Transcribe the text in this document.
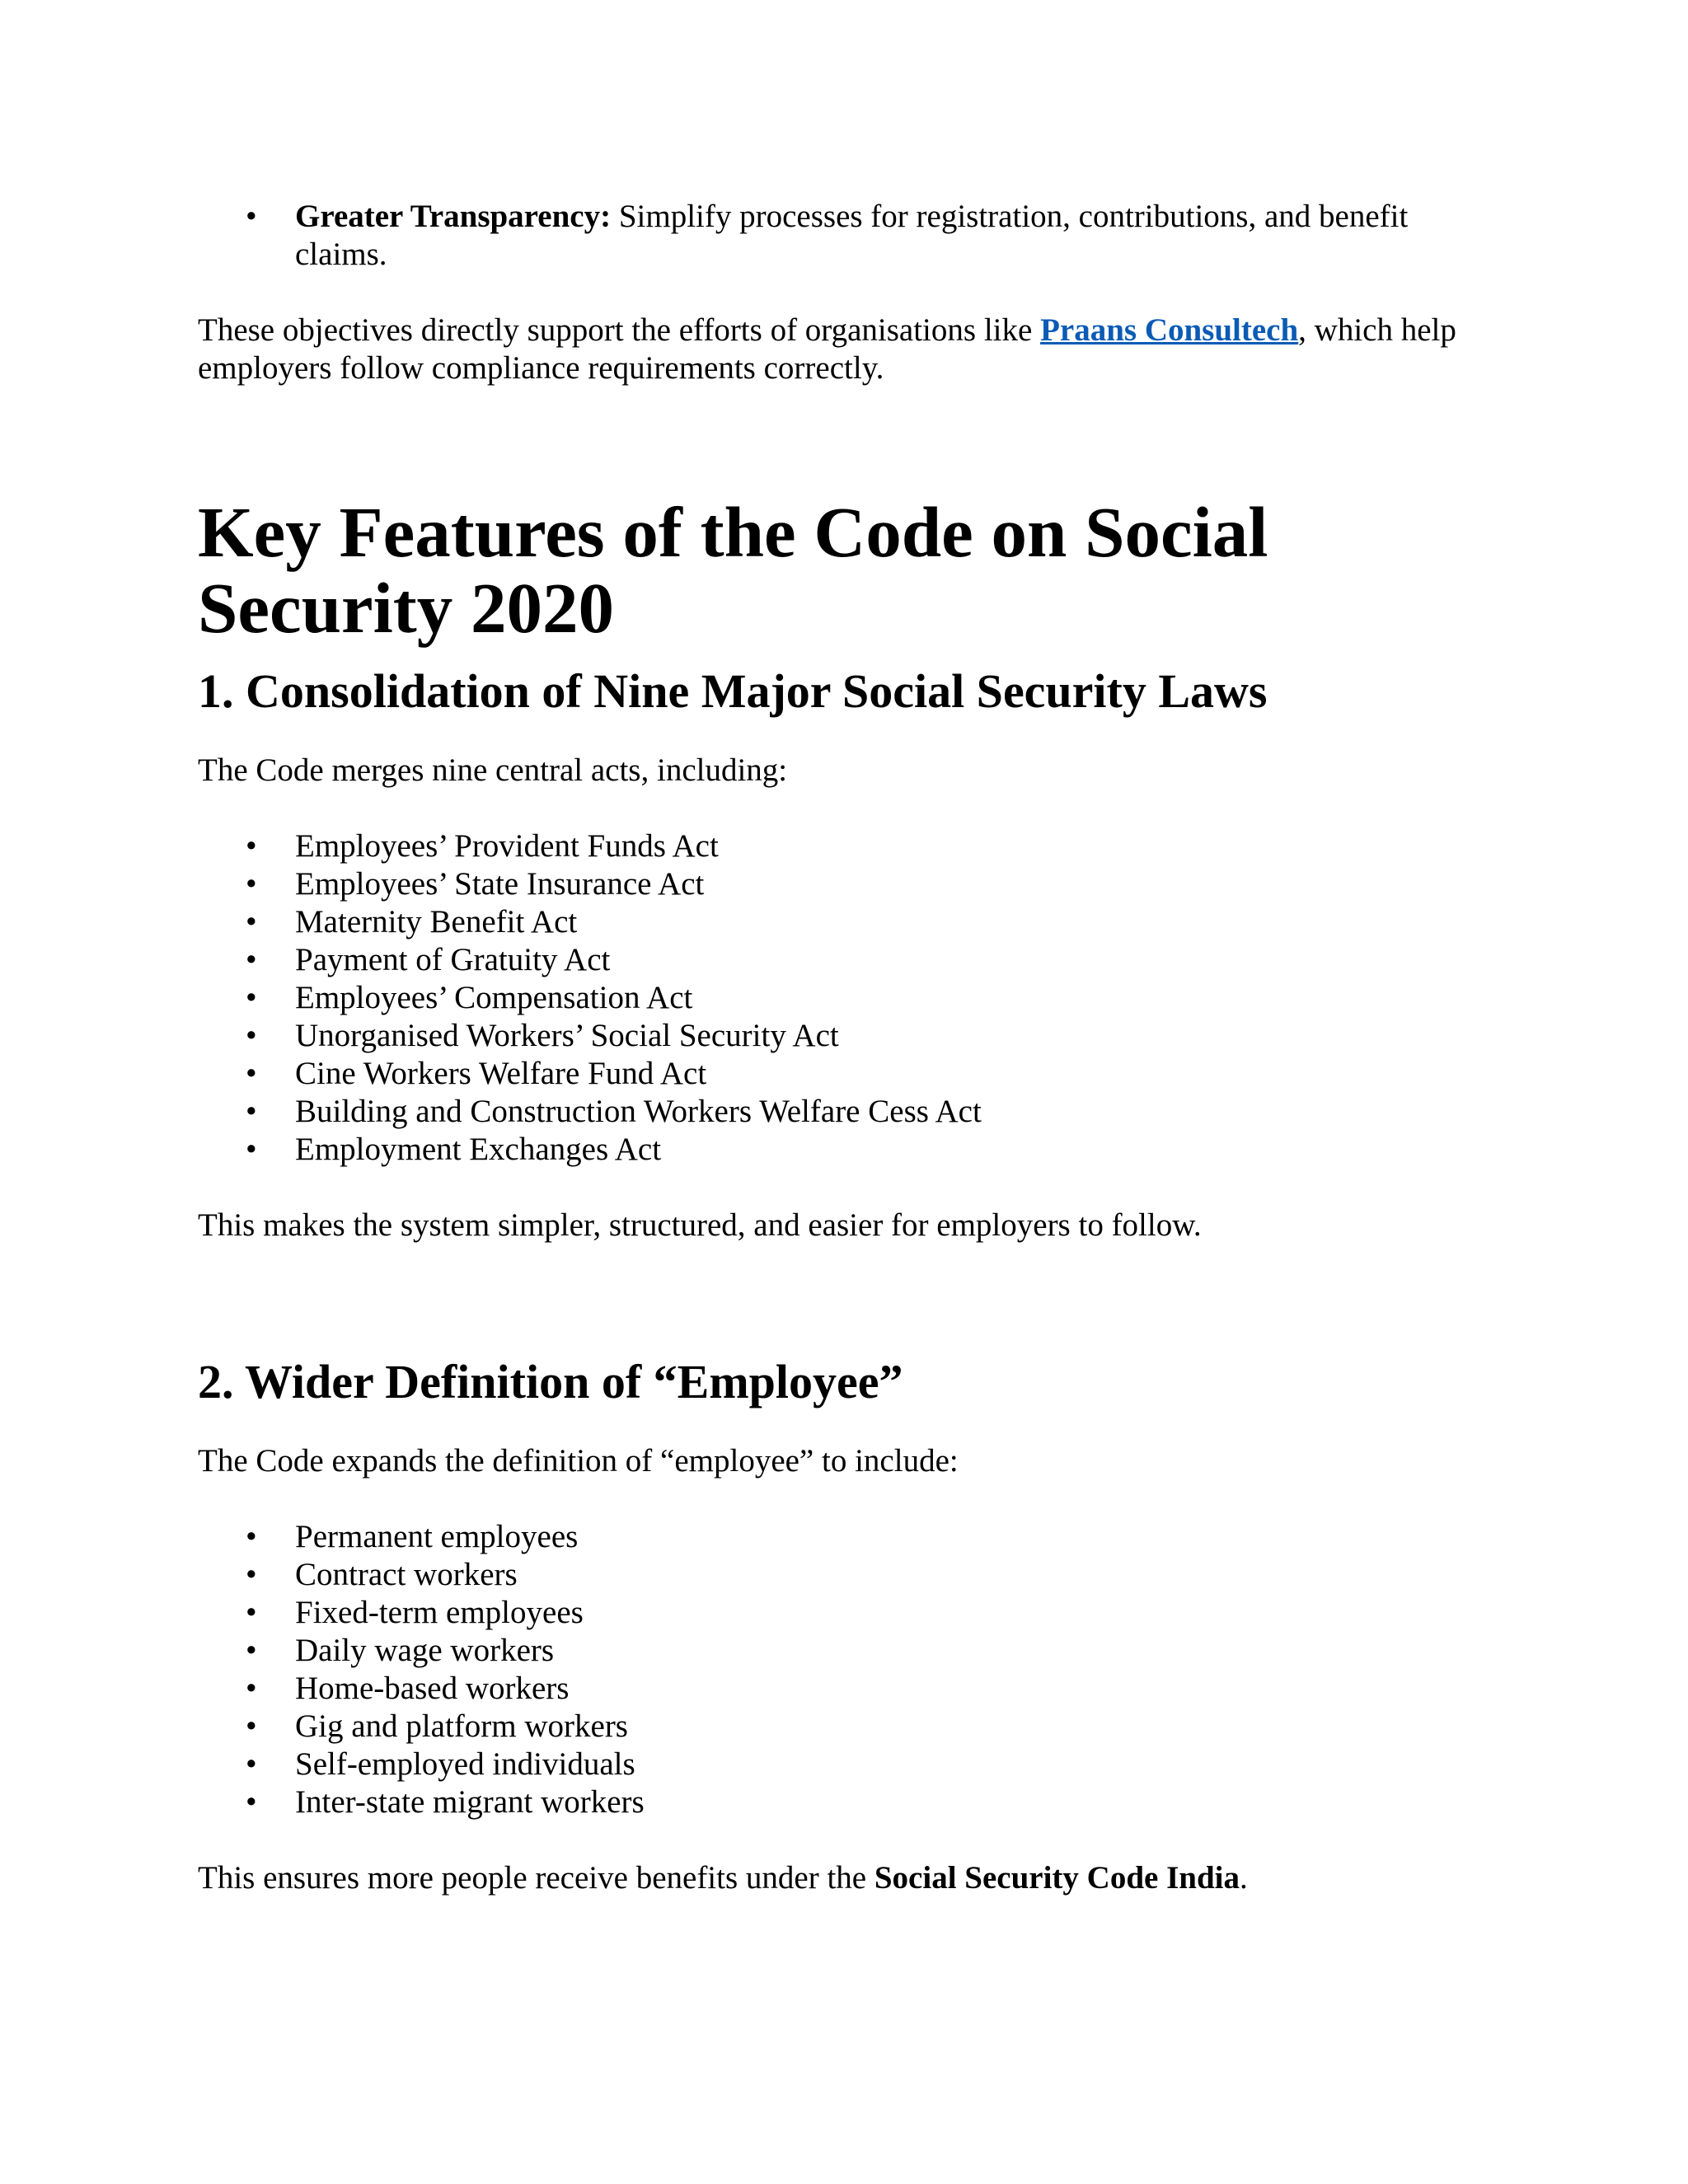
• Greater Transparency: Simplify processes for registration, contributions, and benefit claims.

These objectives directly support the efforts of organisations like Praans Consultech, which help employers follow compliance requirements correctly.

Key Features of the Code on Social Security 2020
1. Consolidation of Nine Major Social Security Laws

The Code merges nine central acts, including:

• Employees’ Provident Funds Act
• Employees’ State Insurance Act
• Maternity Benefit Act
• Payment of Gratuity Act
• Employees’ Compensation Act
• Unorganised Workers’ Social Security Act
• Cine Workers Welfare Fund Act
• Building and Construction Workers Welfare Cess Act
• Employment Exchanges Act

This makes the system simpler, structured, and easier for employers to follow.

2. Wider Definition of “Employee”

The Code expands the definition of “employee” to include:

• Permanent employees
• Contract workers
• Fixed-term employees
• Daily wage workers
• Home-based workers
• Gig and platform workers
• Self-employed individuals
• Inter-state migrant workers

This ensures more people receive benefits under the Social Security Code India.
